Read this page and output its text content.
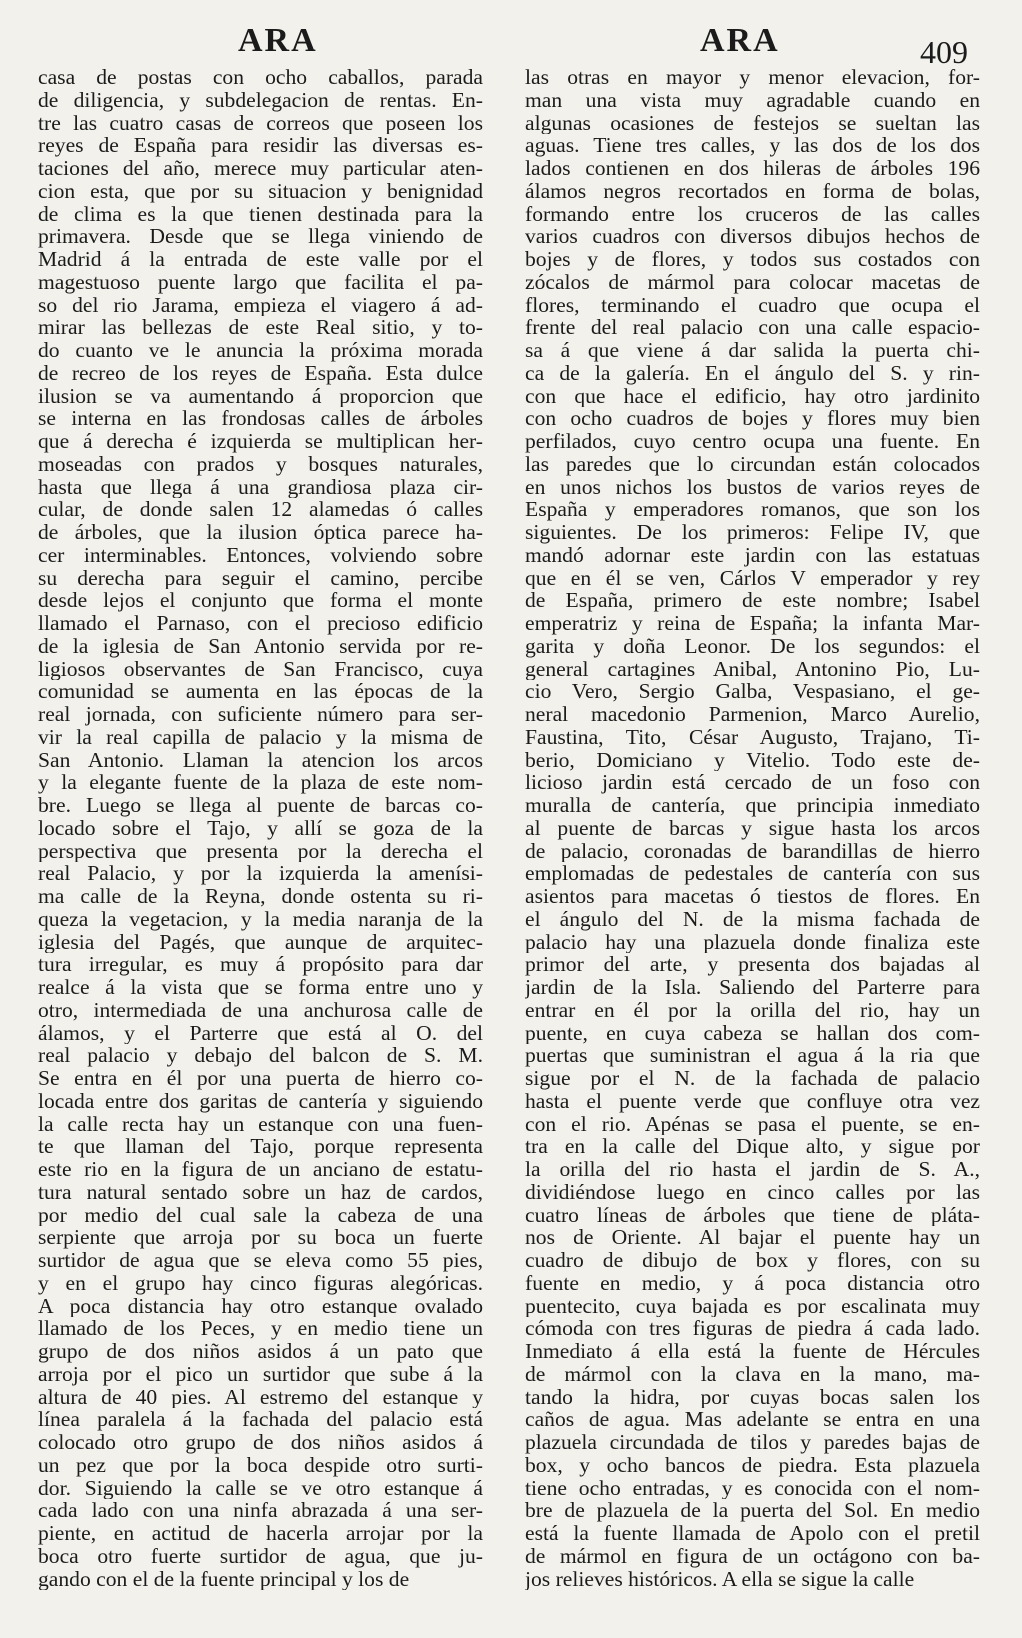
ARA	ARA	409
casa de postas con ocho caballos, parada
de diligencia, y subdelegacion de rentas. En-
tre las cuatro casas de correos que poseen los
reyes de España para residir las diversas es-
taciones del año, merece muy particular aten-
cion esta, que por su situacion y benignidad
de clima es la que tienen destinada para la
primavera. Desde que se llega viniendo de
Madrid á la entrada de este valle por el
magestuoso puente largo que facilita el pa-
so del rio Jarama, empieza el viagero á ad-
mirar las bellezas de este Real sitio, y to-
do cuanto ve le anuncia la próxima morada
de recreo de los reyes de España. Esta dulce
ilusion se va aumentando á proporcion que
se interna en las frondosas calles de árboles
que á derecha é izquierda se multiplican her-
moseadas con prados y bosques naturales,
hasta que llega á una grandiosa plaza cir-
cular, de donde salen 12 alamedas ó calles
de árboles, que la ilusion óptica parece ha-
cer interminables. Entonces, volviendo sobre
su derecha para seguir el camino, percibe
desde lejos el conjunto que forma el monte
llamado el Parnaso, con el precioso edificio
de la iglesia de San Antonio servida por re-
ligiosos observantes de San Francisco, cuya
comunidad se aumenta en las épocas de la
real jornada, con suficiente número para ser-
vir la real capilla de palacio y la misma de
San Antonio. Llaman la atencion los arcos
y la elegante fuente de la plaza de este nom-
bre. Luego se llega al puente de barcas co-
locado sobre el Tajo, y allí se goza de la
perspectiva que presenta por la derecha el
real Palacio, y por la izquierda la amenísi-
ma calle de la Reyna, donde ostenta su ri-
queza la vegetacion, y la media naranja de la
iglesia del Pagés, que aunque de arquitec-
tura irregular, es muy á propósito para dar
realce á la vista que se forma entre uno y
otro, intermediada de una anchurosa calle de
álamos, y el Parterre que está al O. del
real palacio y debajo del balcon de S. M.
Se entra en él por una puerta de hierro co-
locada entre dos garitas de cantería y siguiendo
la calle recta hay un estanque con una fuen-
te que llaman del Tajo, porque representa
este rio en la figura de un anciano de estatu-
tura natural sentado sobre un haz de cardos,
por medio del cual sale la cabeza de una
serpiente que arroja por su boca un fuerte
surtidor de agua que se eleva como 55 pies,
y en el grupo hay cinco figuras alegóricas.
A poca distancia hay otro estanque ovalado
llamado de los Peces, y en medio tiene un
grupo de dos niños asidos á un pato que
arroja por el pico un surtidor que sube á la
altura de 40 pies. Al estremo del estanque y
línea paralela á la fachada del palacio está
colocado otro grupo de dos niños asidos á
un pez que por la boca despide otro surti-
dor. Siguiendo la calle se ve otro estanque á
cada lado con una ninfa abrazada á una ser-
piente, en actitud de hacerla arrojar por la
boca otro fuerte surtidor de agua, que ju-
gando con el de la fuente principal y los de
las otras en mayor y menor elevacion, for-
man una vista muy agradable cuando en
algunas ocasiones de festejos se sueltan las
aguas. Tiene tres calles, y las dos de los dos
lados contienen en dos hileras de árboles 196
álamos negros recortados en forma de bolas,
formando entre los cruceros de las calles
varios cuadros con diversos dibujos hechos de
bojes y de flores, y todos sus costados con
zócalos de mármol para colocar macetas de
flores, terminando el cuadro que ocupa el
frente del real palacio con una calle espacio-
sa á que viene á dar salida la puerta chi-
ca de la galería. En el ángulo del S. y rin-
con que hace el edificio, hay otro jardinito
con ocho cuadros de bojes y flores muy bien
perfilados, cuyo centro ocupa una fuente. En
las paredes que lo circundan están colocados
en unos nichos los bustos de varios reyes de
España y emperadores romanos, que son los
siguientes. De los primeros: Felipe IV, que
mandó adornar este jardin con las estatuas
que en él se ven, Cárlos V emperador y rey
de España, primero de este nombre; Isabel
emperatriz y reina de España; la infanta Mar-
garita y doña Leonor. De los segundos: el
general cartagines Anibal, Antonino Pio, Lu-
cio Vero, Sergio Galba, Vespasiano, el ge-
neral macedonio Parmenion, Marco Aurelio,
Faustina, Tito, César Augusto, Trajano, Ti-
berio, Domiciano y Vitelio. Todo este de-
licioso jardin está cercado de un foso con
muralla de cantería, que principia inmediato
al puente de barcas y sigue hasta los arcos
de palacio, coronadas de barandillas de hierro
emplomadas de pedestales de cantería con sus
asientos para macetas ó tiestos de flores. En
el ángulo del N. de la misma fachada de
palacio hay una plazuela donde finaliza este
primor del arte, y presenta dos bajadas al
jardin de la Isla. Saliendo del Parterre para
entrar en él por la orilla del rio, hay un
puente, en cuya cabeza se hallan dos com-
puertas que suministran el agua á la ria que
sigue por el N. de la fachada de palacio
hasta el puente verde que confluye otra vez
con el rio. Apénas se pasa el puente, se en-
tra en la calle del Dique alto, y sigue por
la orilla del rio hasta el jardin de S. A.,
dividiéndose luego en cinco calles por las
cuatro líneas de árboles que tiene de pláta-
nos de Oriente. Al bajar el puente hay un
cuadro de dibujo de box y flores, con su
fuente en medio, y á poca distancia otro
puentecito, cuya bajada es por escalinata muy
cómoda con tres figuras de piedra á cada lado.
Inmediato á ella está la fuente de Hércules
de mármol con la clava en la mano, ma-
tando la hidra, por cuyas bocas salen los
caños de agua. Mas adelante se entra en una
plazuela circundada de tilos y paredes bajas de
box, y ocho bancos de piedra. Esta plazuela
tiene ocho entradas, y es conocida con el nom-
bre de plazuela de la puerta del Sol. En medio
está la fuente llamada de Apolo con el pretil
de mármol en figura de un octágono con ba-
jos relieves históricos. A ella se sigue la calle
